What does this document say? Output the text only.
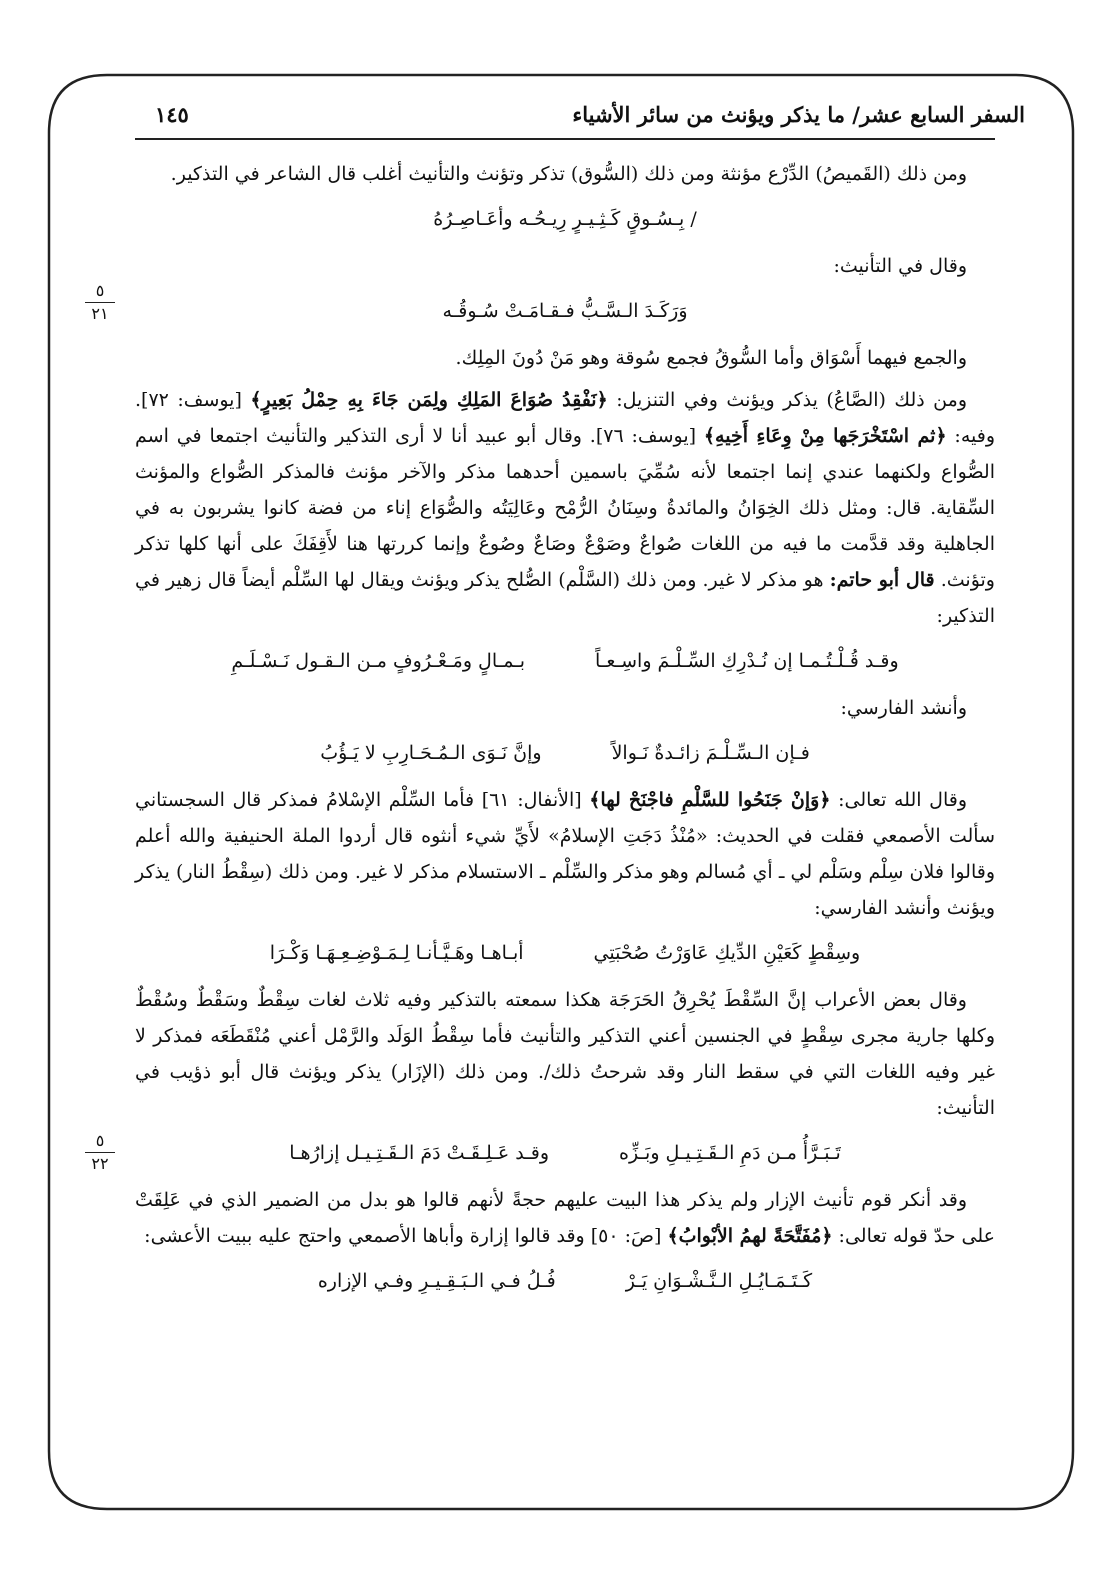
٥
٢١
٥
٢٢
السفر السابع عشر/ ما يذكر ويؤنث من سائر الأشياء
١٤٥

ومن ذلك (القَميصُ) الدِّرْع مؤنثة ومن ذلك (السُّوق) تذكر وتؤنث والتأنيث أغلب قال الشاعر في التذكير.

/ بِـسُـوقٍ كَـثِـيـرٍ رِيـحُـه وأعَـاصِـرُهُ

وقال في التأنيث:

وَرَكَـدَ الـسَّـبُّ فـقـامَـتْ سُـوقُـه

والجمع فيهما أَسْوَاق وأما السُّوقُ فجمع سُوقة وهو مَنْ دُونَ المِلِك.

ومن ذلك (الصَّاعُ) يذكر ويؤنث وفي التنزيل: ﴿نَفْقِدُ صُوَاعَ المَلِكِ ولِمَن جَاءَ بِهِ حِمْلُ بَعِيرٍ﴾ [يوسف: ٧٢]. وفيه: ﴿ثم اسْتَخْرَجَها مِنْ وِعَاءِ أَخِيهِ﴾ [يوسف: ٧٦]. وقال أبو عبيد أنا لا أرى التذكير والتأنيث اجتمعا في اسم الصُّواع ولكنهما عندي إنما اجتمعا لأنه سُمِّيَ باسمين أحدهما مذكر والآخر مؤنث فالمذكر الصُّواع والمؤنث السِّقاية. قال: ومثل ذلك الخِوَانُ والمائدةُ وسِنَانُ الرُّمْح وعَالِيَتُه والصُّوَاع إناء من فضة كانوا يشربون به في الجاهلية وقد قدَّمت ما فيه من اللغات صُواعٌ وصَوْعٌ وصَاعٌ وصُوعٌ وإنما كررتها هنا لأَقِفَكَ على أنها كلها تذكر وتؤنث. قال أبو حاتم: هو مذكر لا غير. ومن ذلك (السَّلْم) الصُّلح يذكر ويؤنث ويقال لها السِّلْم أيضاً قال زهير في التذكير:

وقـد قُـلْـتُـمـا إن نُـدْرِكِ السِّـلْـمَ واسِـعـاً
بـمـالٍ ومَـعْـرُوفٍ مـن الـقـول نَـسْـلَـمِ

وأنشد الفارسي:

فـإن الـسِّـلْـمَ زائـدةٌ نَـوالاً
وإنَّ نَـوَى الـمُـحَـارِبِ لا يَـؤُبُ

وقال الله تعالى: ﴿وَإنْ جَنَحُوا للسَّلْمِ فاجْنَحْ لها﴾ [الأنفال: ٦١] فأما السِّلْم الإسْلامُ فمذكر قال السجستاني سألت الأصمعي فقلت في الحديث: «مُنْذُ دَجَتِ الإسلامُ» لأَيِّ شيء أنثوه قال أردوا الملة الحنيفية والله أعلم وقالوا فلان سِلْم وسَلْم لي ـ أي مُسالم وهو مذكر والسِّلْم ـ الاستسلام مذكر لا غير. ومن ذلك (سِقْطُ النار) يذكر ويؤنث وأنشد الفارسي:

وسِقْطٍ كَعَيْنِ الدِّيكِ عَاوَرْتُ صُحْبَتِي
أبـاهـا وهَـيَّـأنـا لِـمَـوْضِـعِـهَـا وَكْـرَا

وقال بعض الأعراب إنَّ السِّقْطَ يُحْرِقُ الحَرَجَة هكذا سمعته بالتذكير وفيه ثلاث لغات سِقْطٌ وسَقْطٌ وسُقْطٌ وكلها جارية مجرى سِقْطٍ في الجنسين أعني التذكير والتأنيث فأما سِقْطُ الوَلَد والرَّمْل أعني مُنْقَطَعَه فمذكر لا غير وفيه اللغات التي في سقط النار وقد شرحتُ ذلك/. ومن ذلك (الإزَار) يذكر ويؤنث قال أبو ذؤيب في التأنيث:

تَـبَـرَّأُ مـن دَمِ الـقَـتِـيـلِ وبَـزِّه
وقـد عَـلِـقَـتْ دَمَ الـقَـتِـيـل إزارُهـا

وقد أنكر قوم تأنيث الإزار ولم يذكر هذا البيت عليهم حجةً لأنهم قالوا هو بدل من الضمير الذي في عَلِقَتْ على حدّ قوله تعالى: ﴿مُفَتَّحَةً لهمُ الأبْوابُ﴾ [صَ: ٥٠] وقد قالوا إزارة وأباها الأصمعي واحتج عليه ببيت الأعشى:

كَـتَـمَـايُـلِ الـنَّـشْـوَانِ يَـرْ
فُـلُ فـي الـبَـقِـيـرِ وفـي الإزاره
